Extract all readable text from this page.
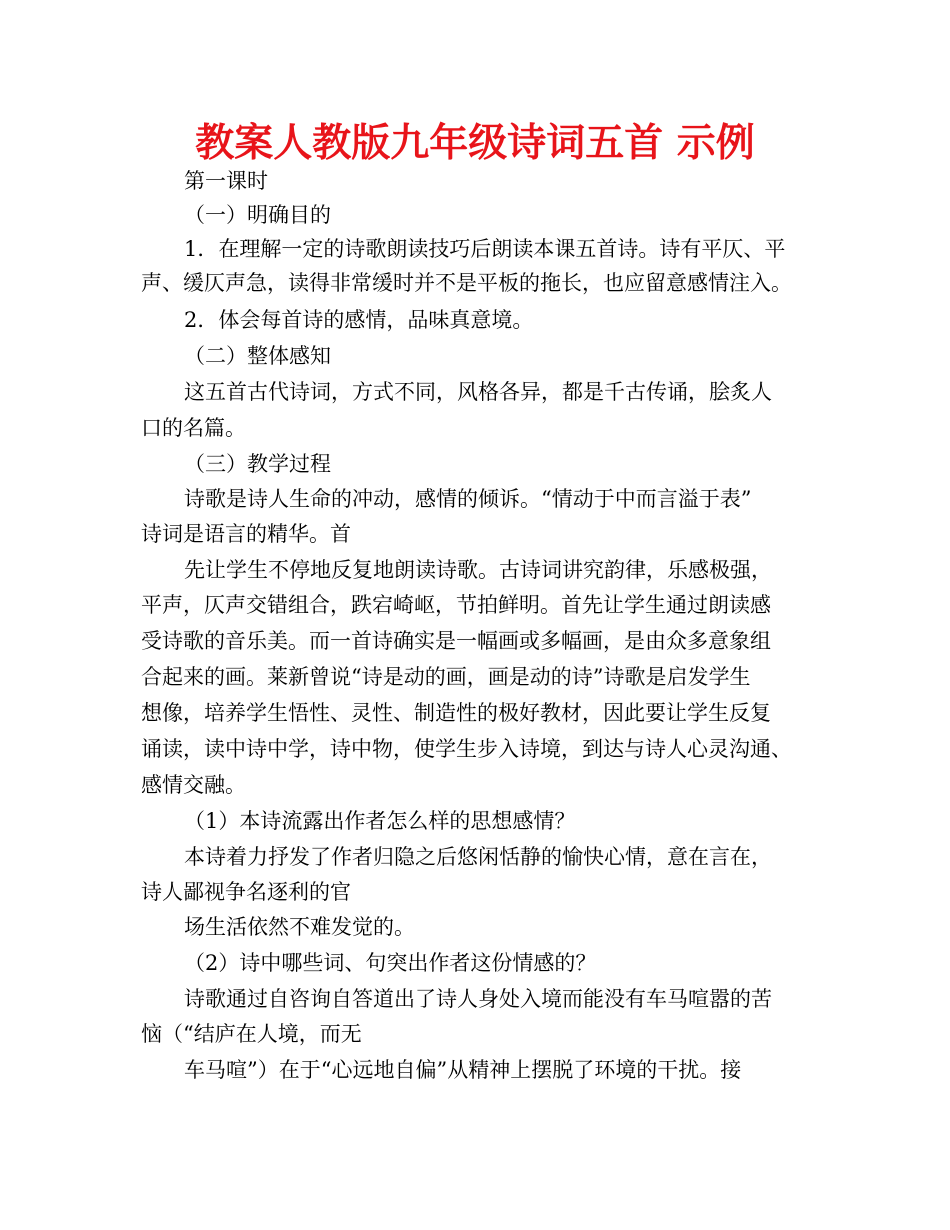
教案人教版九年级诗词五首 示例
第一课时
（一）明确目的
1．在理解一定的诗歌朗读技巧后朗读本课五首诗。诗有平仄、平
声、缓仄声急，读得非常缓时并不是平板的拖长，也应留意感情注入。
2．体会每首诗的感情，品味真意境。
（二）整体感知
这五首古代诗词，方式不同，风格各异，都是千古传诵，脍炙人
口的名篇。
（三）教学过程
诗歌是诗人生命的冲动，感情的倾诉。“情动于中而言溢于表”
诗词是语言的精华。首
先让学生不停地反复地朗读诗歌。古诗词讲究韵律，乐感极强，
平声，仄声交错组合，跌宕崎岖，节拍鲜明。首先让学生通过朗读感
受诗歌的音乐美。而一首诗确实是一幅画或多幅画，是由众多意象组
合起来的画。莱新曾说“诗是动的画，画是动的诗”诗歌是启发学生
想像，培养学生悟性、灵性、制造性的极好教材，因此要让学生反复
诵读，读中诗中学，诗中物，使学生步入诗境，到达与诗人心灵沟通、
感情交融。
（1）本诗流露出作者怎么样的思想感情？
本诗着力抒发了作者归隐之后悠闲恬静的愉快心情，意在言在，
诗人鄙视争名逐利的官
场生活依然不难发觉的。
（2）诗中哪些词、句突出作者这份情感的？
诗歌通过自咨询自答道出了诗人身处入境而能没有车马喧嚣的苦
恼（“结庐在人境，而无
车马喧”）在于“心远地自偏”从精神上摆脱了环境的干扰。接
